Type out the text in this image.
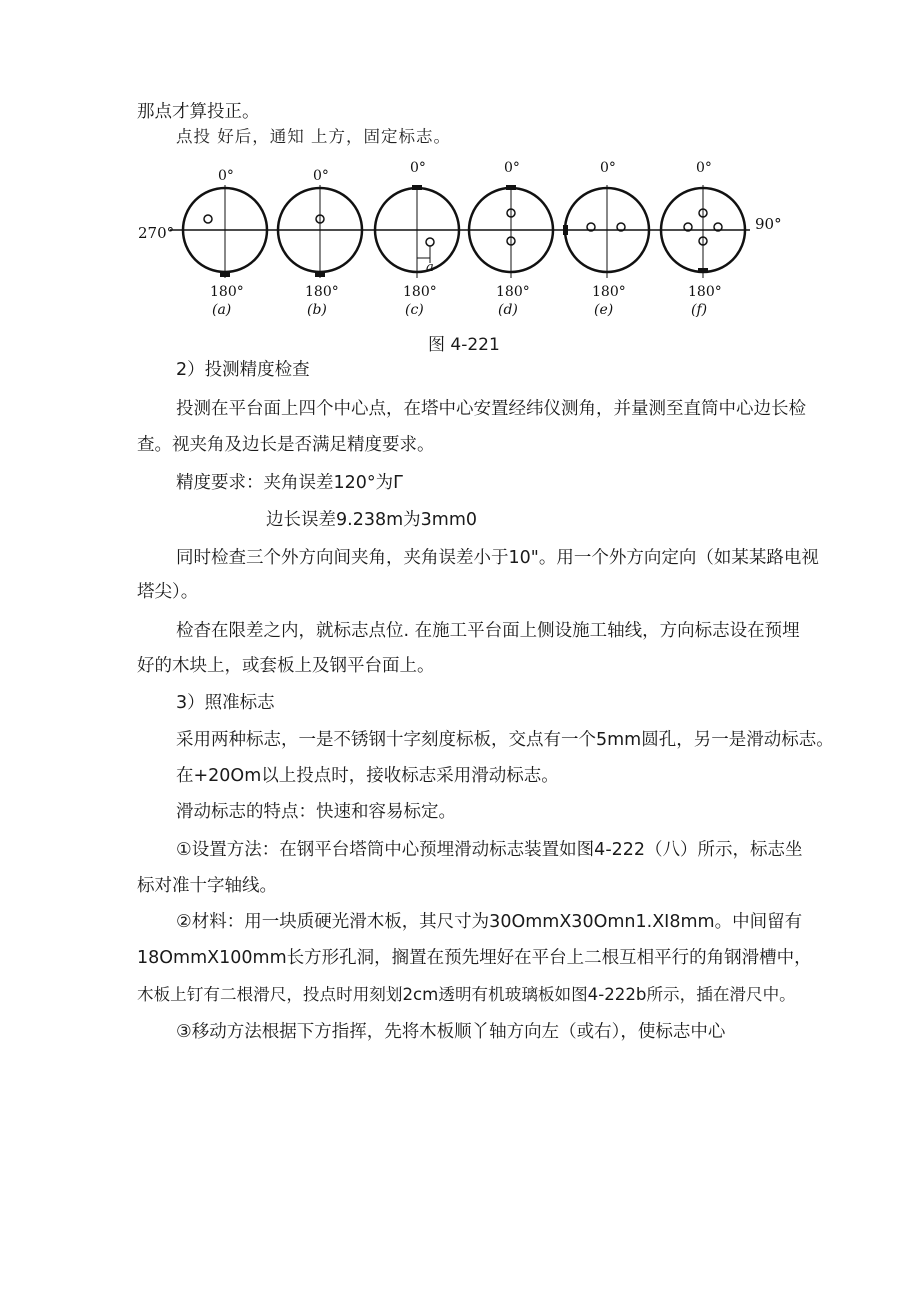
那点才算投正。
点投 好后，通知 上方，固定标志。
270°	90°
0°
180°
(a)
0°
180°
(b)
a
0°
180°
(c)
0°
180°
(d)
0°
180°
(e)
0°
180°
(f)
图 4-221
2）投测精度检查
投测在平台面上四个中心点，在塔中心安置经纬仪测角，并量测至直筒中心边长检
查。视夹角及边长是否满足精度要求。
精度要求：夹角误差120°为Γ
边长误差9.238m为3mm0
同时检查三个外方向间夹角，夹角误差小于10"。用一个外方向定向（如某某路电视
塔尖）。
检杳在限差之内，就标志点位. 在施工平台面上侧设施工轴线，方向标志设在预埋
好的木块上，或套板上及钢平台面上。
3）照准标志
采用两种标志，一是不锈钢十字刻度标板，交点有一个5mm圆孔，另一是滑动标志。
在+20Om以上投点时，接收标志采用滑动标志。
滑动标志的特点：快速和容易标定。
①设置方法：在钢平台塔筒中心预埋滑动标志装置如图4-222（八）所示，标志坐
标对准十字轴线。
②材料：用一块质硬光滑木板，其尺寸为30OmmX30Omn1.XI8mm。中间留有
18OmmX100mm长方形孔洞，搁置在预先埋好在平台上二根互相平行的角钢滑槽中，
木板上钉有二根滑尺，投点时用刻划2cm透明有机玻璃板如图4-222b所示，插在滑尺中。
③移动方法根据下方指挥，先将木板顺丫轴方向左（或右），使标志中心
